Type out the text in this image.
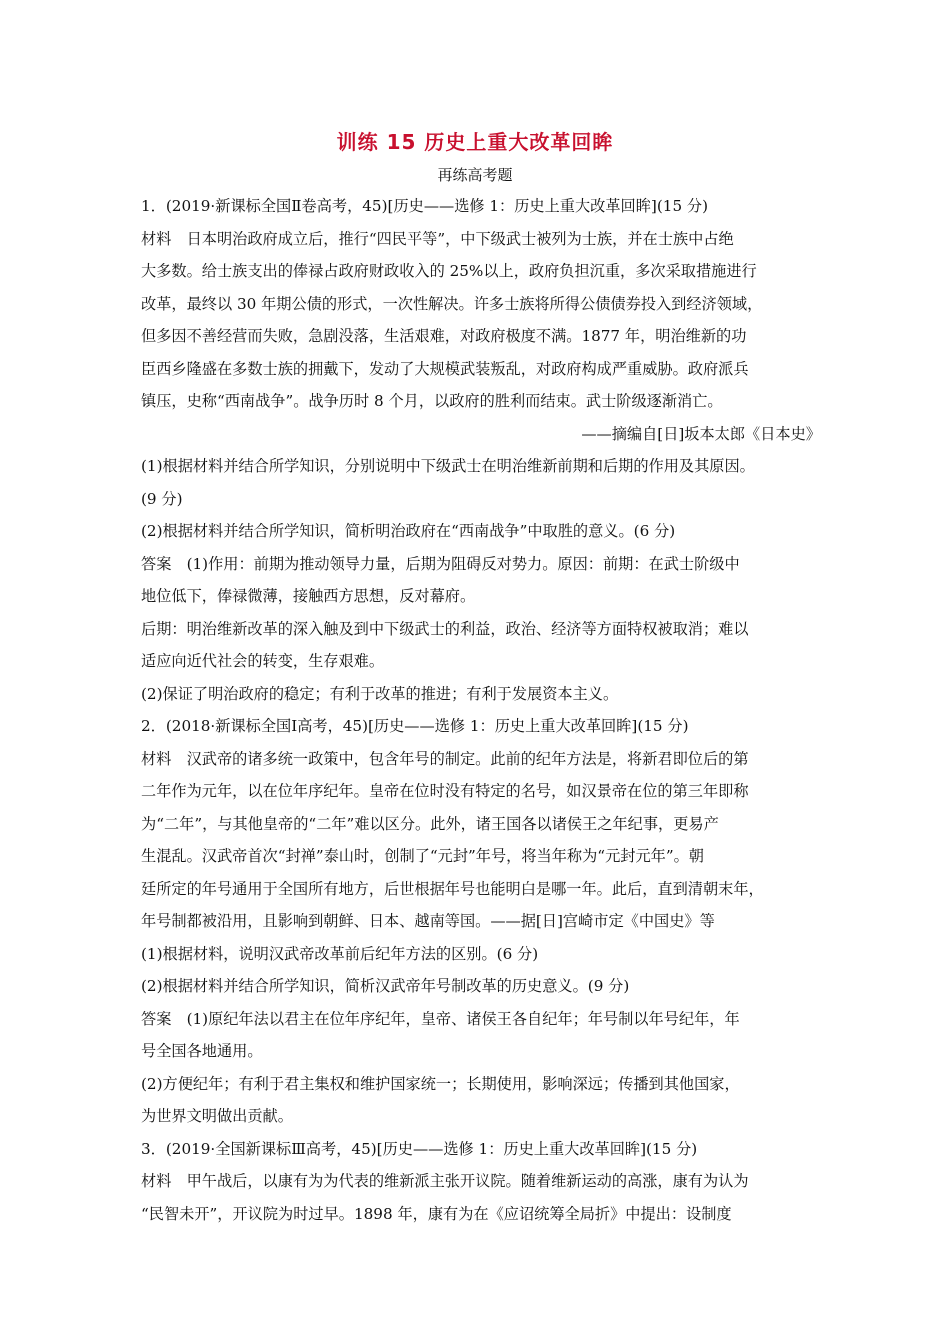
训练 15 历史上重大改革回眸
再练高考题
1．(2019·新课标全国Ⅱ卷高考，45)[历史——选修 1：历史上重大改革回眸](15 分)
材料　日本明治政府成立后，推行“四民平等”，中下级武士被列为士族，并在士族中占绝
大多数。给士族支出的俸禄占政府财政收入的 25%以上，政府负担沉重，多次采取措施进行
改革，最终以 30 年期公债的形式，一次性解决。许多士族将所得公债债券投入到经济领域，
但多因不善经营而失败，急剧没落，生活艰难，对政府极度不满。1877 年，明治维新的功
臣西乡隆盛在多数士族的拥戴下，发动了大规模武装叛乱，对政府构成严重威胁。政府派兵
镇压，史称“西南战争”。战争历时 8 个月，以政府的胜利而结束。武士阶级逐渐消亡。
——摘编自[日]坂本太郎《日本史》
(1)根据材料并结合所学知识，分别说明中下级武士在明治维新前期和后期的作用及其原因。
(9 分)
(2)根据材料并结合所学知识，简析明治政府在“西南战争”中取胜的意义。(6 分)
答案　(1)作用：前期为推动领导力量，后期为阻碍反对势力。原因：前期：在武士阶级中
地位低下，俸禄微薄，接触西方思想，反对幕府。
后期：明治维新改革的深入触及到中下级武士的利益，政治、经济等方面特权被取消；难以
适应向近代社会的转变，生存艰难。
(2)保证了明治政府的稳定；有利于改革的推进；有利于发展资本主义。
2．(2018·新课标全国Ⅰ高考，45)[历史——选修 1：历史上重大改革回眸](15 分)
材料　汉武帝的诸多统一政策中，包含年号的制定。此前的纪年方法是，将新君即位后的第
二年作为元年，以在位年序纪年。皇帝在位时没有特定的名号，如汉景帝在位的第三年即称
为“二年”，与其他皇帝的“二年”难以区分。此外，诸王国各以诸侯王之年纪事，更易产
生混乱。汉武帝首次“封禅”泰山时，创制了“元封”年号，将当年称为“元封元年”。朝
廷所定的年号通用于全国所有地方，后世根据年号也能明白是哪一年。此后，直到清朝末年，
年号制都被沿用，且影响到朝鲜、日本、越南等国。——据[日]宫崎市定《中国史》等
(1)根据材料，说明汉武帝改革前后纪年方法的区别。(6 分)
(2)根据材料并结合所学知识，简析汉武帝年号制改革的历史意义。(9 分)
答案　(1)原纪年法以君主在位年序纪年，皇帝、诸侯王各自纪年；年号制以年号纪年，年
号全国各地通用。
(2)方便纪年；有利于君主集权和维护国家统一；长期使用，影响深远；传播到其他国家，
为世界文明做出贡献。
3．(2019·全国新课标Ⅲ高考，45)[历史——选修 1：历史上重大改革回眸](15 分)
材料　甲午战后，以康有为为代表的维新派主张开议院。随着维新运动的高涨，康有为认为
“民智未开”，开议院为时过早。1898 年，康有为在《应诏统筹全局折》中提出：设制度
